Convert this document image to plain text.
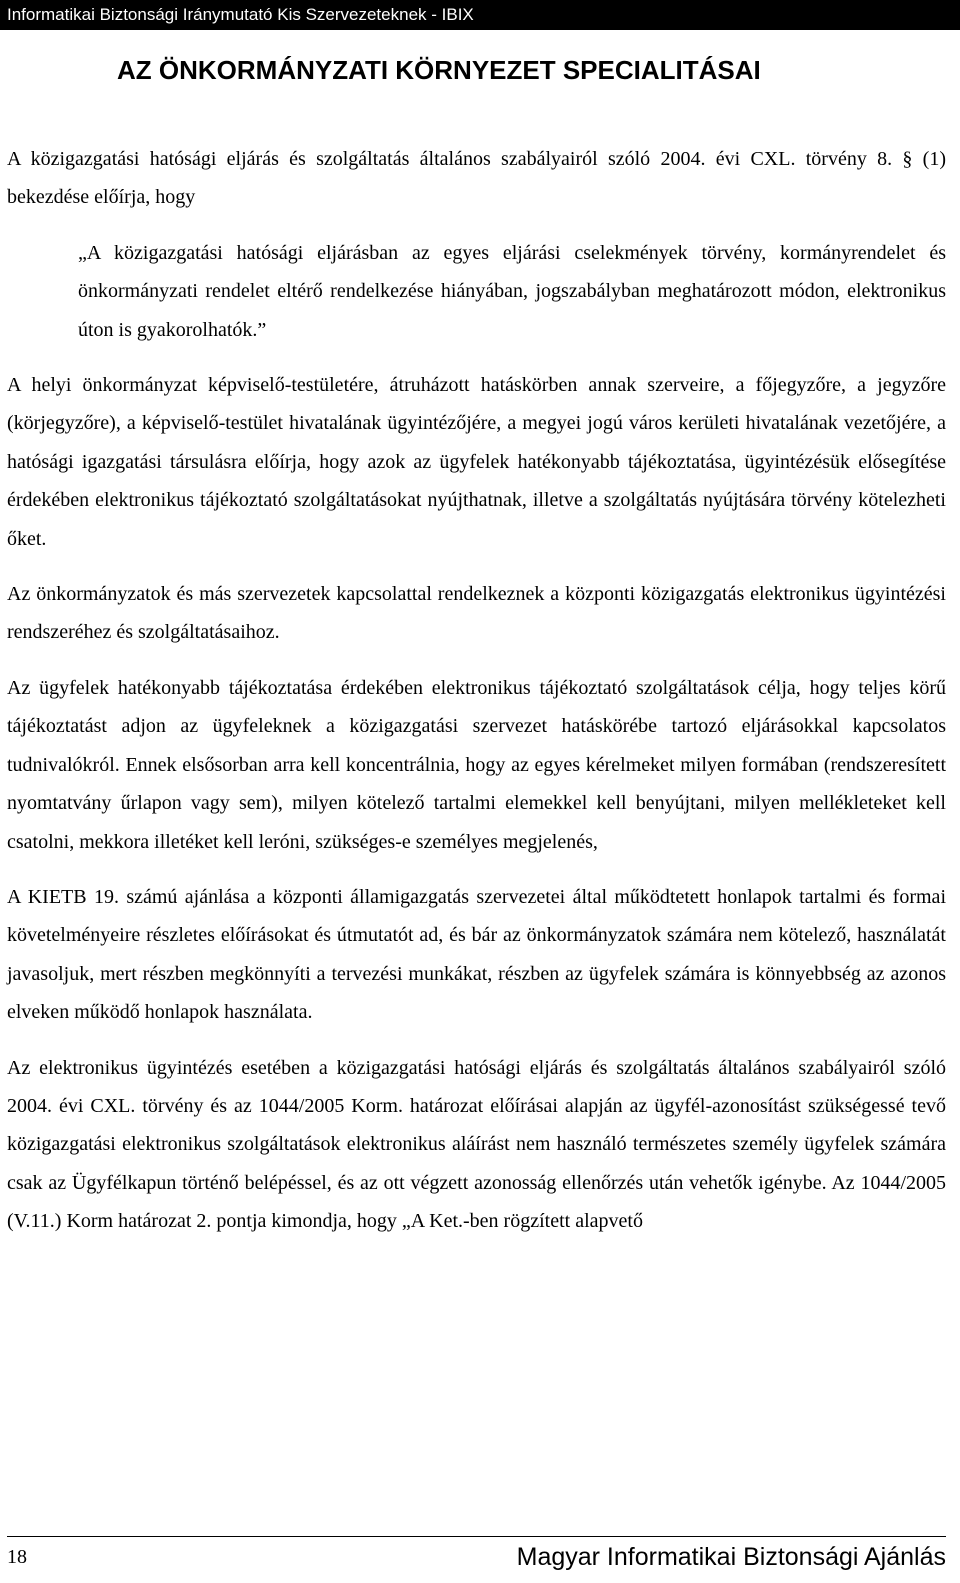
Informatikai Biztonsági Iránymutató Kis Szervezeteknek - IBIX
AZ ÖNKORMÁNYZATI KÖRNYEZET SPECIALITÁSAI

A közigazgatási hatósági eljárás és szolgáltatás általános szabályairól szóló 2004. évi CXL. törvény 8. § (1) bekezdése előírja, hogy

„A közigazgatási hatósági eljárásban az egyes eljárási cselekmények törvény, kormányrendelet és önkormányzati rendelet eltérő rendelkezése hiányában, jogszabályban meghatározott módon, elektronikus úton is gyakorolhatók.”

A helyi önkormányzat képviselő-testületére, átruházott hatáskörben annak szerveire, a főjegyzőre, a jegyzőre (körjegyzőre), a képviselő-testület hivatalának ügyintézőjére, a megyei jogú város kerületi hivatalának vezetőjére, a hatósági igazgatási társulásra előírja, hogy azok az ügyfelek hatékonyabb tájékoztatása, ügyintézésük elősegítése érdekében elektronikus tájékoztató szolgáltatásokat nyújthatnak, illetve a szolgáltatás nyújtására törvény kötelezheti őket.

Az önkormányzatok és más szervezetek kapcsolattal rendelkeznek a központi közigazgatás elektronikus ügyintézési rendszeréhez és szolgáltatásaihoz.

Az ügyfelek hatékonyabb tájékoztatása érdekében elektronikus tájékoztató szolgáltatások célja, hogy teljes körű tájékoztatást adjon az ügyfeleknek a közigazgatási szervezet hatáskörébe tartozó eljárásokkal kapcsolatos tudnivalókról. Ennek elsősorban arra kell koncentrálnia, hogy az egyes kérelmeket milyen formában (rendszeresített nyomtatvány űrlapon vagy sem), milyen kötelező tartalmi elemekkel kell benyújtani, milyen mellékleteket kell csatolni, mekkora illetéket kell leróni, szükséges-e személyes megjelenés,

A KIETB 19. számú ajánlása a központi államigazgatás szervezetei által működtetett honlapok tartalmi és formai követelményeire részletes előírásokat és útmutatót ad, és bár az önkormányzatok számára nem kötelező, használatát javasoljuk, mert részben megkönnyíti a tervezési munkákat, részben az ügyfelek számára is könnyebbség az azonos elveken működő honlapok használata.

Az elektronikus ügyintézés esetében a közigazgatási hatósági eljárás és szolgáltatás általános szabályairól szóló 2004. évi CXL. törvény és az 1044/2005 Korm. határozat előírásai alapján az ügyfél-azonosítást szükségessé tevő közigazgatási elektronikus szolgáltatások elektronikus aláírást nem használó természetes személy ügyfelek számára csak az Ügyfélkapun történő belépéssel, és az ott végzett azonosság ellenőrzés után vehetők igénybe. Az 1044/2005 (V.11.) Korm határozat 2. pontja kimondja, hogy „A Ket.-ben rögzített alapvető

18	Magyar Informatikai Biztonsági Ajánlás
